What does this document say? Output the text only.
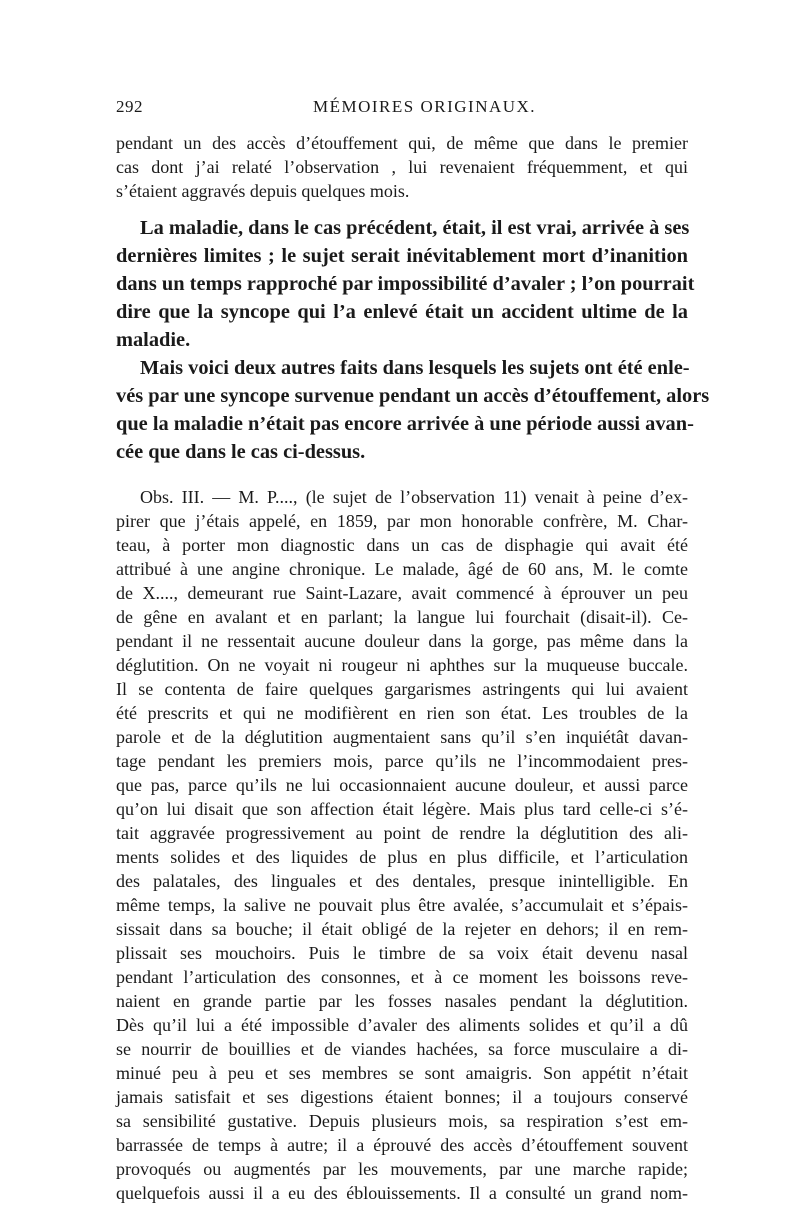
292	MÉMOIRES ORIGINAUX.
pendant un des accès d’étouffement qui, de même que dans le premier
cas dont j’ai relaté l’observation , lui revenaient fréquemment, et qui
s’étaient aggravés depuis quelques mois.
La maladie, dans le cas précédent, était, il est vrai, arrivée à ses
dernières limites ; le sujet serait inévitablement mort d’inanition
dans un temps rapproché par impossibilité d’avaler ; l’on pourrait
dire que la syncope qui l’a enlevé était un accident ultime de la
maladie.
Mais voici deux autres faits dans lesquels les sujets ont été enle-
vés par une syncope survenue pendant un accès d’étouffement, alors
que la maladie n’était pas encore arrivée à une période aussi avan-
cée que dans le cas ci-dessus.
Obs. III. — M. P...., (le sujet de l’observation 11) venait à peine d’ex-
pirer que j’étais appelé, en 1859, par mon honorable confrère, M. Char-
teau, à porter mon diagnostic dans un cas de disphagie qui avait été
attribué à une angine chronique. Le malade, âgé de 60 ans, M. le comte
de X...., demeurant rue Saint-Lazare, avait commencé à éprouver un peu
de gêne en avalant et en parlant; la langue lui fourchait (disait-il). Ce-
pendant il ne ressentait aucune douleur dans la gorge, pas même dans la
déglutition. On ne voyait ni rougeur ni aphthes sur la muqueuse buccale.
Il se contenta de faire quelques gargarismes astringents qui lui avaient
été prescrits et qui ne modifièrent en rien son état. Les troubles de la
parole et de la déglutition augmentaient sans qu’il s’en inquiétât davan-
tage pendant les premiers mois, parce qu’ils ne l’incommodaient pres-
que pas, parce qu’ils ne lui occasionnaient aucune douleur, et aussi parce
qu’on lui disait que son affection était légère. Mais plus tard celle-ci s’é-
tait aggravée progressivement au point de rendre la déglutition des ali-
ments solides et des liquides de plus en plus difficile, et l’articulation
des palatales, des linguales et des dentales, presque inintelligible. En
même temps, la salive ne pouvait plus être avalée, s’accumulait et s’épais-
sissait dans sa bouche; il était obligé de la rejeter en dehors; il en rem-
plissait ses mouchoirs. Puis le timbre de sa voix était devenu nasal
pendant l’articulation des consonnes, et à ce moment les boissons reve-
naient en grande partie par les fosses nasales pendant la déglutition.
Dès qu’il lui a été impossible d’avaler des aliments solides et qu’il a dû
se nourrir de bouillies et de viandes hachées, sa force musculaire a di-
minué peu à peu et ses membres se sont amaigris. Son appétit n’était
jamais satisfait et ses digestions étaient bonnes; il a toujours conservé
sa sensibilité gustative. Depuis plusieurs mois, sa respiration s’est em-
barrassée de temps à autre; il a éprouvé des accès d’étouffement souvent
provoqués ou augmentés par les mouvements, par une marche rapide;
quelquefois aussi il a eu des éblouissements. Il a consulté un grand nom-
